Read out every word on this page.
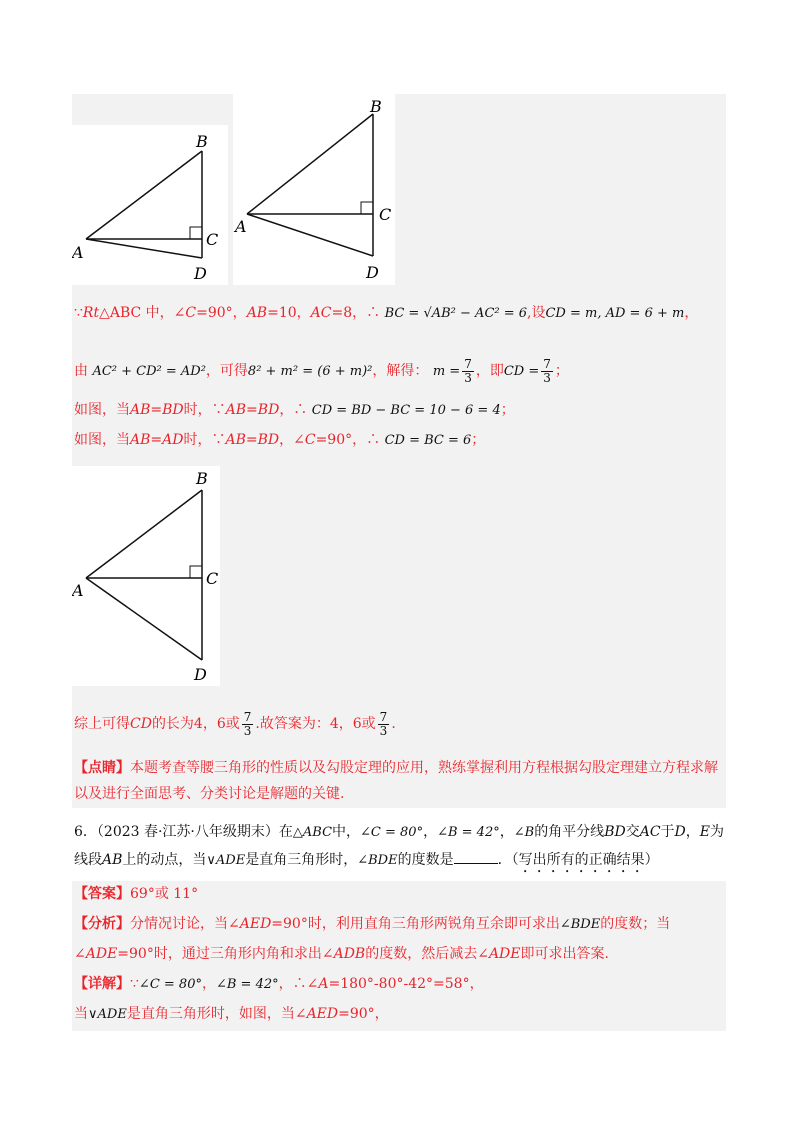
A
B
C
D
A
B
C
D
∵Rt△ABC 中，∠C=90°，AB=10，AC=8，∴ BC = √AB² − AC² = 6,设CD = m, AD = 6 + m，
由 AC² + CD² = AD²，可得8² + m² = (6 + m)²，解得： $m = \frac{7}{3}$ ，即CD = $\frac{7}{3}$ ；
如图，当AB=BD时，∵AB=BD，∴ CD = BD − BC = 10 − 6 = 4；
如图，当AB=AD时，∵AB=BD，∠C=90°，∴ CD = BC = 6；
A
B
C
D
综上可得CD的长为4，6或 $\frac{7}{3}$ .故答案为：4，6或 $\frac{7}{3}$ .
【点睛】本题考查等腰三角形的性质以及勾股定理的应用，熟练掌握利用方程根据勾股定理建立方程求解
以及进行全面思考、分类讨论是解题的关键.
6．（2023 春·江苏·八年级期末）在△ABC中，∠C = 80°，∠B = 42°，∠B的角平分线BD交AC于D，E为
线段AB上的动点，当∨ADE是直角三角形时，∠BDE的度数是	．（写出所有的正确结果）
【答案】69°或 11°
【分析】分情况讨论，当∠AED=90°时，利用直角三角形两锐角互余即可求出∠BDE的度数；当
∠ADE=90°时，通过三角形内角和求出∠ADB的度数，然后减去∠ADE即可求出答案.
【详解】∵∠C = 80°，∠B = 42°，∴∠A=180°-80°-42°=58°，
当∨ADE是直角三角形时，如图，当∠AED=90°，
